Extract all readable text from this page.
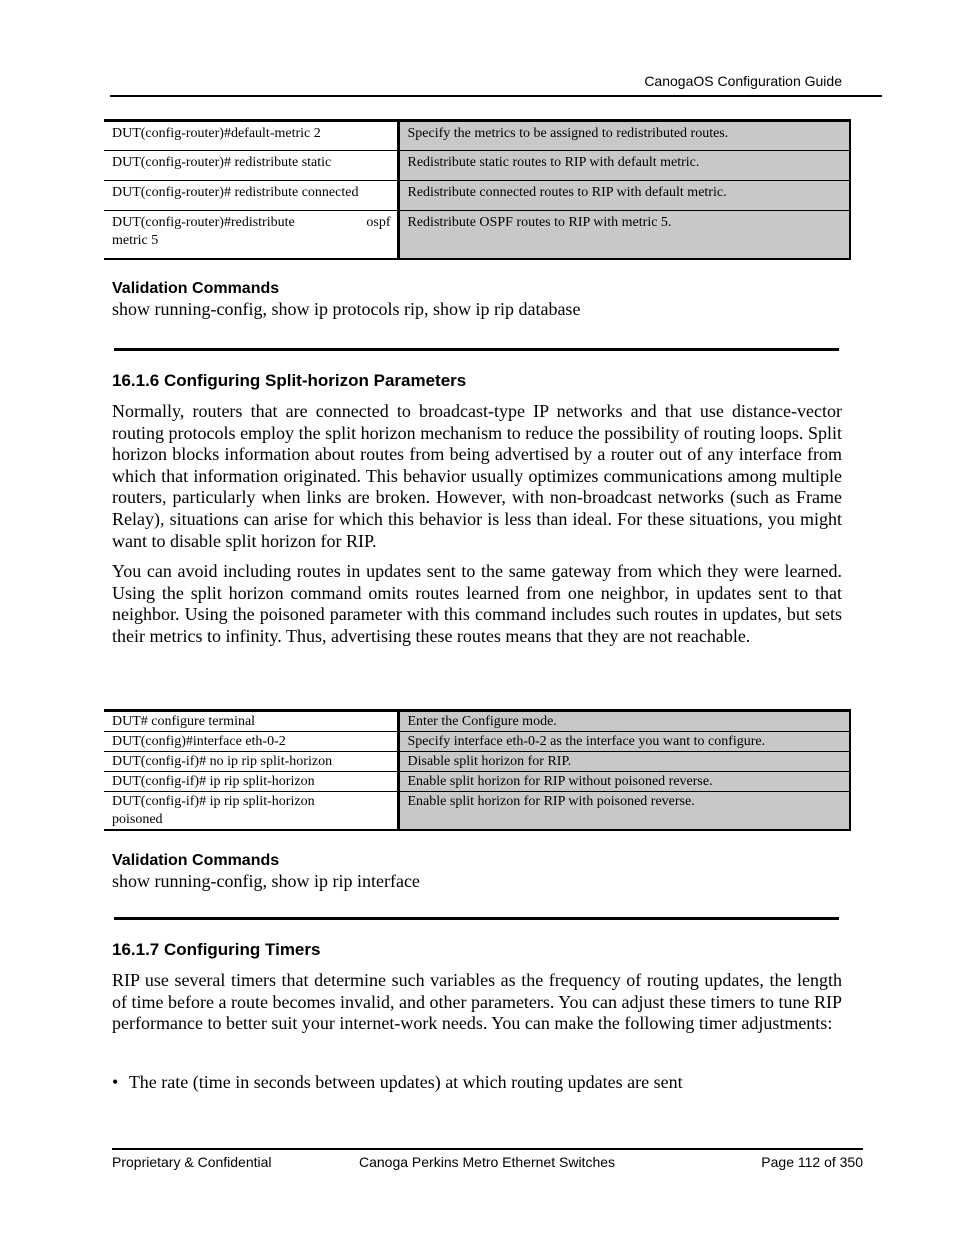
CanogaOS Configuration Guide
DUT(config-router)#default-metric 2	Specify the metrics to be assigned to redistributed routes.
DUT(config-router)# redistribute static	Redistribute static routes to RIP with default metric.
DUT(config-router)# redistribute connected	Redistribute connected routes to RIP with default metric.

DUT(config-router)#redistribute ospf
metric 5	Redistribute OSPF routes to RIP with metric 5.
Validation Commands
show running-config, show ip protocols rip, show ip rip database
16.1.6 Configuring Split-horizon Parameters

Normally, routers that are connected to broadcast-type IP networks and that use distance-vector routing protocols employ the split horizon mechanism to reduce the possibility of routing loops. Split horizon blocks information about routes from being advertised by a router out of any interface from which that information originated. This behavior usually optimizes communications among multiple routers, particularly when links are broken. However, with non-broadcast networks (such as Frame Relay), situations can arise for which this behavior is less than ideal. For these situations, you might want to disable split horizon for RIP.

You can avoid including routes in updates sent to the same gateway from which they were learned. Using the split horizon command omits routes learned from one neighbor, in updates sent to that neighbor. Using the poisoned parameter with this command includes such routes in updates, but sets their metrics to infinity. Thus, advertising these routes means that they are not reachable.

DUT# configure terminal	Enter the Configure mode.
DUT(config)#interface eth-0-2	Specify interface eth-0-2 as the interface you want to configure.
DUT(config-if)# no ip rip split-horizon	Disable split horizon for RIP.
DUT(config-if)# ip rip split-horizon	Enable split horizon for RIP without poisoned reverse.

DUT(config-if)# ip rip split-horizon
poisoned	Enable split horizon for RIP with poisoned reverse.
Validation Commands
show running-config, show ip rip interface
16.1.7 Configuring Timers

RIP use several timers that determine such variables as the frequency of routing updates, the length of time before a route becomes invalid, and other parameters. You can adjust these timers to tune RIP performance to better suit your internet-work needs. You can make the following timer adjustments:

• The rate (time in seconds between updates) at which routing updates are sent
Proprietary & Confidential	Canoga Perkins Metro Ethernet Switches	Page 112 of 350
